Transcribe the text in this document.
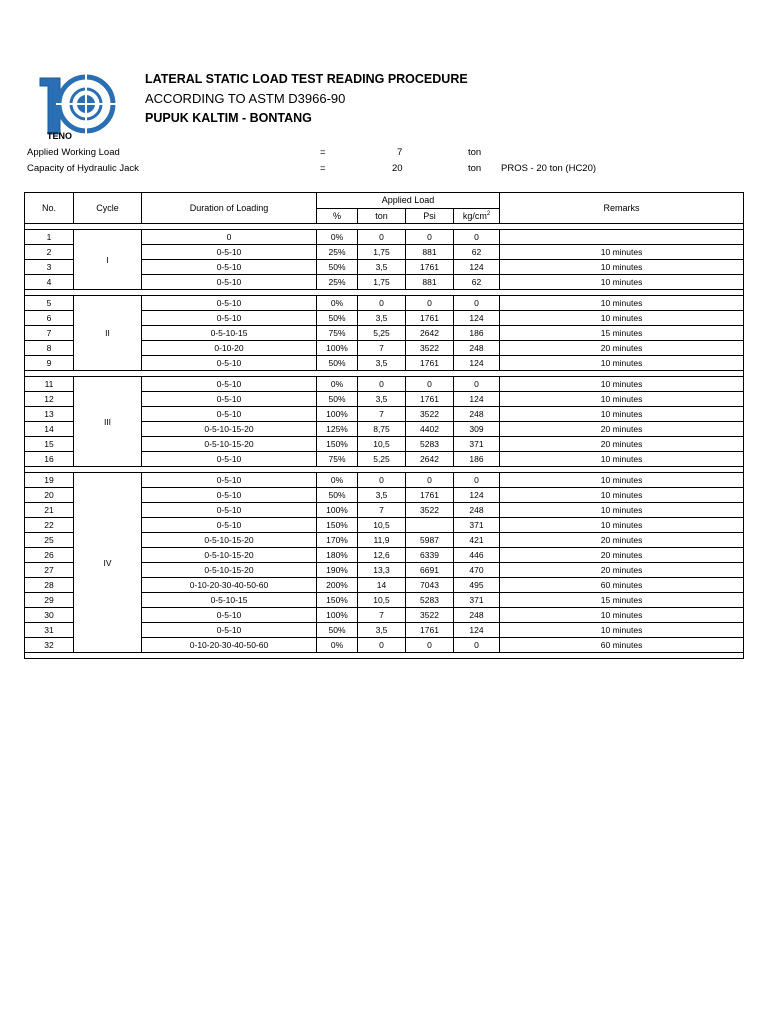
TENO
LATERAL STATIC LOAD TEST READING PROCEDURE
ACCORDING TO ASTM D3966-90
PUPUK KALTIM - BONTANG
Applied Working Load	=	7	ton
Capacity of Hydraulic Jack	=	20	ton PROS - 20 ton (HC20)
No.	Cycle	Duration of Loading	Applied Load				Remarks
			%	ton	Psi	$kg/cm^2$

1	I	0	0%	0	0	0	
2		0-5-10	25%	1,75	881	62	10 minutes
3		0-5-10	50%	3,5	1761	124	10 minutes
4		0-5-10	25%	1,75	881	62	10 minutes

5	II	0-5-10	0%	0	0	0	10 minutes
6		0-5-10	50%	3,5	1761	124	10 minutes
7		0-5-10-15	75%	5,25	2642	186	15 minutes
8		0-10-20	100%	7	3522	248	20 minutes
9		0-5-10	50%	3,5	1761	124	10 minutes

11	III	0-5-10	0%	0	0	0	10 minutes
12		0-5-10	50%	3,5	1761	124	10 minutes
13		0-5-10	100%	7	3522	248	10 minutes
14		0-5-10-15-20	125%	8,75	4402	309	20 minutes
15		0-5-10-15-20	150%	10,5	5283	371	20 minutes
16		0-5-10	75%	5,25	2642	186	10 minutes

19	IV	0-5-10	0%	0	0	0	10 minutes
20		0-5-10	50%	3,5	1761	124	10 minutes
21		0-5-10	100%	7	3522	248	10 minutes
22		0-5-10	150%	10,5		371	10 minutes
25		0-5-10-15-20	170%	11,9	5987	421	20 minutes
26		0-5-10-15-20	180%	12,6	6339	446	20 minutes
27		0-5-10-15-20	190%	13,3	6691	470	20 minutes
28		0-10-20-30-40-50-60	200%	14	7043	495	60 minutes
29		0-5-10-15	150%	10,5	5283	371	15 minutes
30		0-5-10	100%	7	3522	248	10 minutes
31		0-5-10	50%	3,5	1761	124	10 minutes
32		0-10-20-30-40-50-60	0%	0	0	0	60 minutes
